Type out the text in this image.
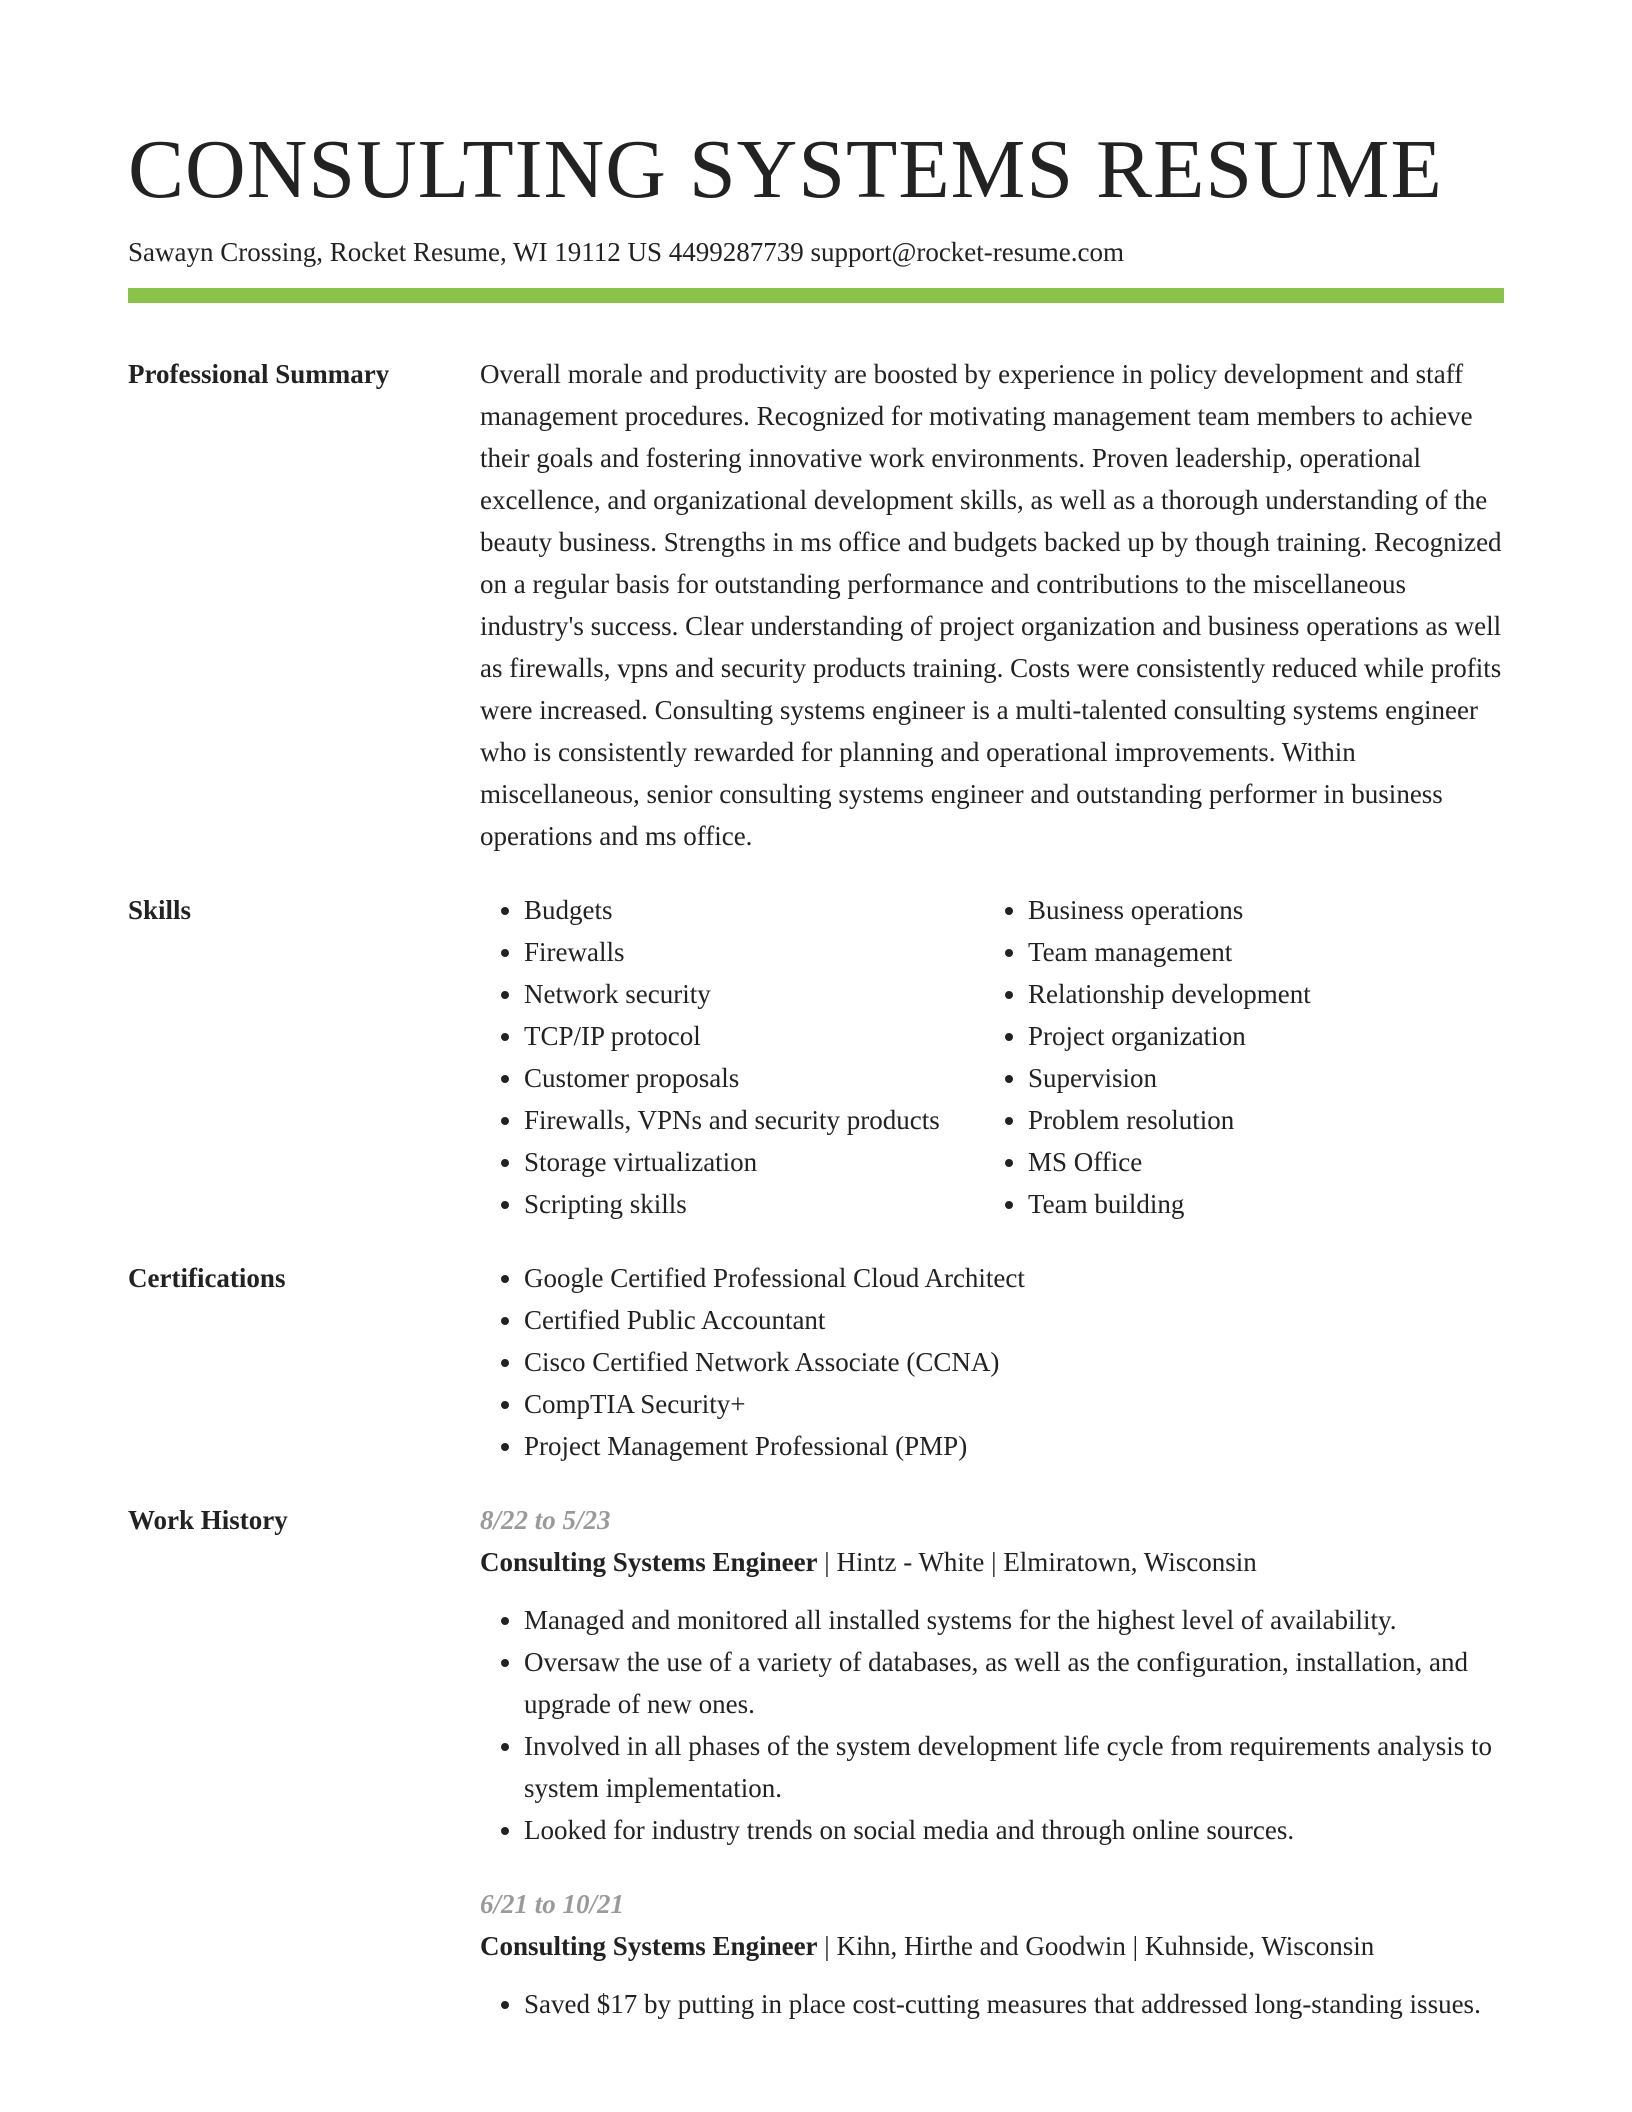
CONSULTING SYSTEMS RESUME
Sawayn Crossing, Rocket Resume, WI 19112 US 4499287739 support@rocket-resume.com
Professional Summary	Overall morale and productivity are boosted by experience in policy development and staff management procedures. Recognized for motivating management team members to achieve their goals and fostering innovative work environments. Proven leadership, operational excellence, and organizational development skills, as well as a thorough understanding of the beauty business. Strengths in ms office and budgets backed up by though training. Recognized on a regular basis for outstanding performance and contributions to the miscellaneous industry's success. Clear understanding of project organization and business operations as well as firewalls, vpns and security products training. Costs were consistently reduced while profits were increased. Consulting systems engineer is a multi-talented consulting systems engineer who is consistently rewarded for planning and operational improvements. Within miscellaneous, senior consulting systems engineer and outstanding performer in business operations and ms office.
Skills	• Budgets
• Firewalls
• Network security
• TCP/IP protocol
• Customer proposals
• Firewalls, VPNs and security products
• Storage virtualization
• Scripting skills
• Business operations
• Team management
• Relationship development
• Project organization
• Supervision
• Problem resolution
• MS Office
• Team building
Certifications	• Google Certified Professional Cloud Architect
• Certified Public Accountant
• Cisco Certified Network Associate (CCNA)
• CompTIA Security+
• Project Management Professional (PMP)
Work History	8/22 to 5/23
Consulting Systems Engineer | Hintz - White | Elmiratown, Wisconsin
• Managed and monitored all installed systems for the highest level of availability.
• Oversaw the use of a variety of databases, as well as the configuration, installation, and upgrade of new ones.
• Involved in all phases of the system development life cycle from requirements analysis to system implementation.
• Looked for industry trends on social media and through online sources.
6/21 to 10/21
Consulting Systems Engineer | Kihn, Hirthe and Goodwin | Kuhnside, Wisconsin
• Saved $17 by putting in place cost-cutting measures that addressed long-standing issues.
